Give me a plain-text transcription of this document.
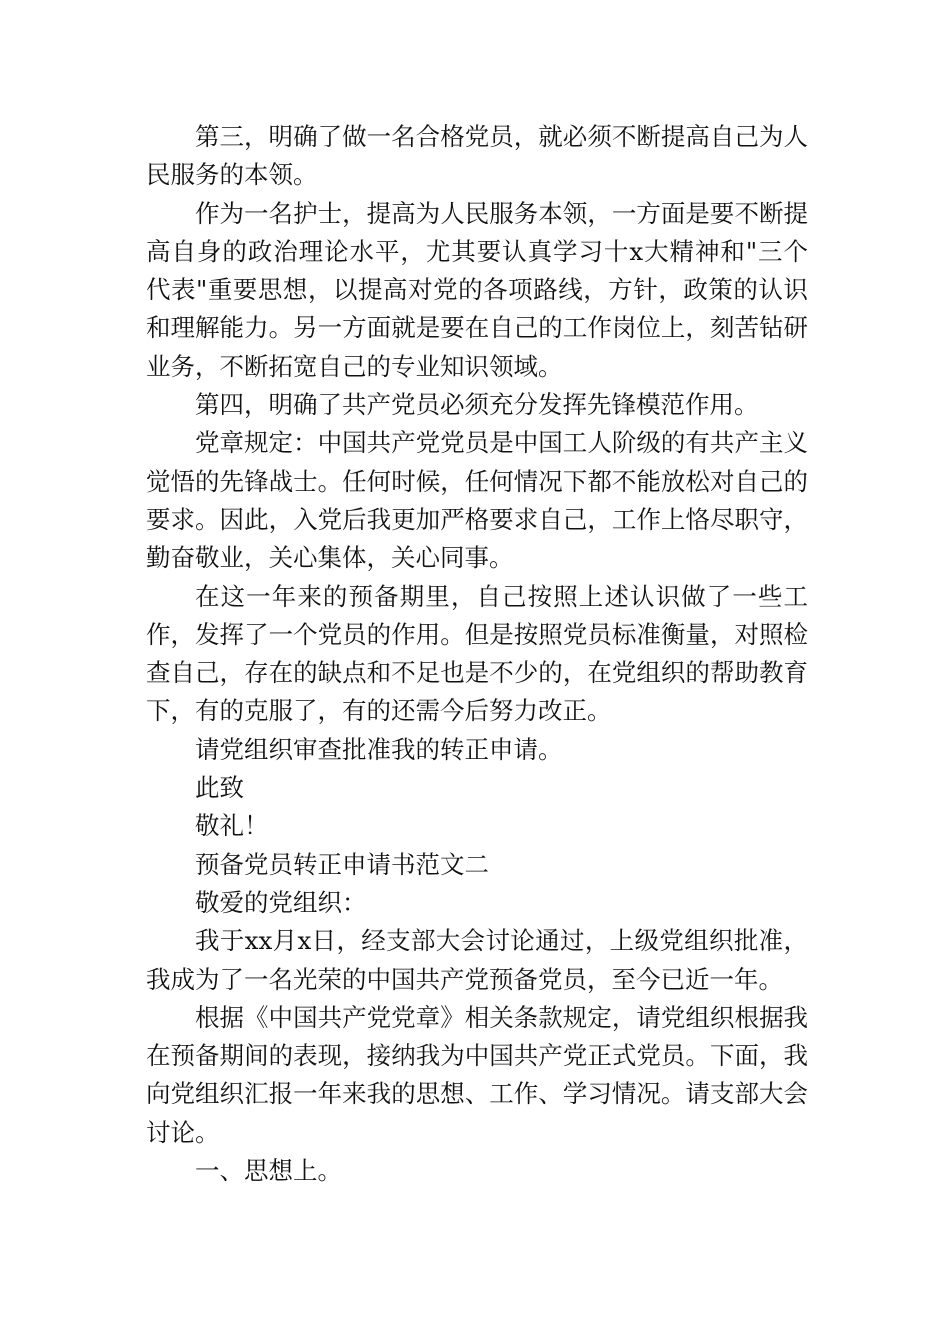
第三，明确了做一名合格党员，就必须不断提高自己为人民服务的本领。

作为一名护士，提高为人民服务本领，一方面是要不断提高自身的政治理论水平，尤其要认真学习十x大精神和"三个代表"重要思想，以提高对党的各项路线，方针，政策的认识和理解能力。另一方面就是要在自己的工作岗位上，刻苦钻研业务，不断拓宽自己的专业知识领域。

第四，明确了共产党员必须充分发挥先锋模范作用。

党章规定：中国共产党党员是中国工人阶级的有共产主义觉悟的先锋战士。任何时候，任何情况下都不能放松对自己的要求。因此，入党后我更加严格要求自己，工作上恪尽职守，勤奋敬业，关心集体，关心同事。

在这一年来的预备期里，自己按照上述认识做了一些工作，发挥了一个党员的作用。但是按照党员标准衡量，对照检查自己，存在的缺点和不足也是不少的，在党组织的帮助教育下，有的克服了，有的还需今后努力改正。

请党组织审查批准我的转正申请。

此致

敬礼！

预备党员转正申请书范文二

敬爱的党组织：

我于xx月x日，经支部大会讨论通过，上级党组织批准，我成为了一名光荣的中国共产党预备党员，至今已近一年。

根据《中国共产党党章》相关条款规定，请党组织根据我在预备期间的表现，接纳我为中国共产党正式党员。下面，我向党组织汇报一年来我的思想、工作、学习情况。请支部大会讨论。

一、思想上。
